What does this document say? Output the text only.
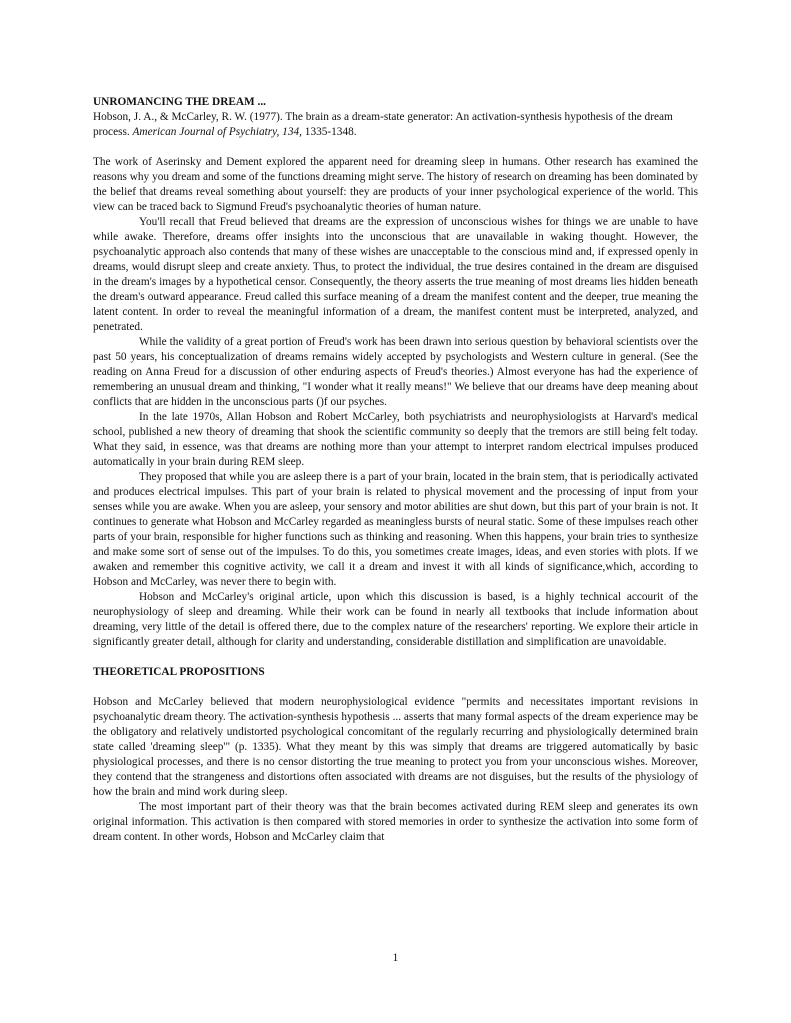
UNROMANCING THE DREAM ...

Hobson, J. A., & McCarley, R. W. (1977). The brain as a dream-state generator: An activation-synthesis hypothesis of the dream process. American Journal of Psychiatry, 134, 1335-1348.

The work of Aserinsky and Dement explored the apparent need for dreaming sleep in humans. Other research has examined the reasons why you dream and some of the functions dreaming might serve. The history of research on dreaming has been dominated by the belief that dreams reveal something about yourself: they are products of your inner psychological experience of the world. This view can be traced back to Sigmund Freud's psychoanalytic theories of human nature.

You'll recall that Freud believed that dreams are the expression of unconscious wishes for things we are unable to have while awake. Therefore, dreams offer insights into the unconscious that are unavailable in waking thought. However, the psychoanalytic approach also contends that many of these wishes are unacceptable to the conscious mind and, if expressed openly in dreams, would disrupt sleep and create anxiety. Thus, to protect the individual, the true desires contained in the dream are disguised in the dream's images by a hypothetical censor. Consequently, the theory asserts the true meaning of most dreams lies hidden beneath the dream's outward appearance. Freud called this surface meaning of a dream the manifest content and the deeper, true meaning the latent content. In order to reveal the meaningful information of a dream, the manifest content must be interpreted, analyzed, and penetrated.

While the validity of a great portion of Freud's work has been drawn into serious question by behavioral scientists over the past 50 years, his conceptualization of dreams remains widely accepted by psychologists and Western culture in general. (See the reading on Anna Freud for a discussion of other enduring aspects of Freud's theories.) Almost everyone has had the experience of remembering an unusual dream and thinking, "I wonder what it really means!" We believe that our dreams have deep meaning about conflicts that are hidden in the unconscious parts ()f our psyches.

In the late 1970s, Allan Hobson and Robert McCarley, both psychiatrists and neurophysiologists at Harvard's medical school, published a new theory of dreaming that shook the scientific community so deeply that the tremors are still being felt today. What they said, in essence, was that dreams are nothing more than your attempt to interpret random electrical impulses produced automatically in your brain during REM sleep.

They proposed that while you are asleep there is a part of your brain, located in the brain stem, that is periodically activated and produces electrical impulses. This part of your brain is related to physical movement and the processing of input from your senses while you are awake. When you are asleep, your sensory and motor abilities are shut down, but this part of your brain is not. It continues to generate what Hobson and McCarley regarded as meaningless bursts of neural static. Some of these impulses reach other parts of your brain, responsible for higher functions such as thinking and reasoning. When this happens, your brain tries to synthesize and make some sort of sense out of the impulses. To do this, you sometimes create images, ideas, and even stories with plots. If we awaken and remember this cognitive activity, we call it a dream and invest it with all kinds of significance,which, according to Hobson and McCarley, was never there to begin with.

Hobson and McCarley's original article, upon which this discussion is based, is a highly technical accourit of the neurophysiology of sleep and dreaming. While their work can be found in nearly all textbooks that include information about dreaming, very little of the detail is offered there, due to the complex nature of the researchers' reporting. We explore their article in significantly greater detail, although for clarity and understanding, considerable distillation and simplification are unavoidable.

THEORETICAL PROPOSITIONS

Hobson and McCarley believed that modern neurophysiological evidence "permits and necessitates important revisions in psychoanalytic dream theory. The activation-synthesis hypothesis ... asserts that many formal aspects of the dream experience may be the obligatory and relatively undistorted psychological concomitant of the regularly recurring and physiologically determined brain state called 'dreaming sleep'" (p. 1335). What they meant by this was simply that dreams are triggered automatically by basic physiological processes, and there is no censor distorting the true meaning to protect you from your unconscious wishes. Moreover, they contend that the strangeness and distortions often associated with dreams are not disguises, but the results of the physiology of how the brain and mind work during sleep.

The most important part of their theory was that the brain becomes activated during REM sleep and generates its own original information. This activation is then compared with stored memories in order to synthesize the activation into some form of dream content. In other words, Hobson and McCarley claim that

1
